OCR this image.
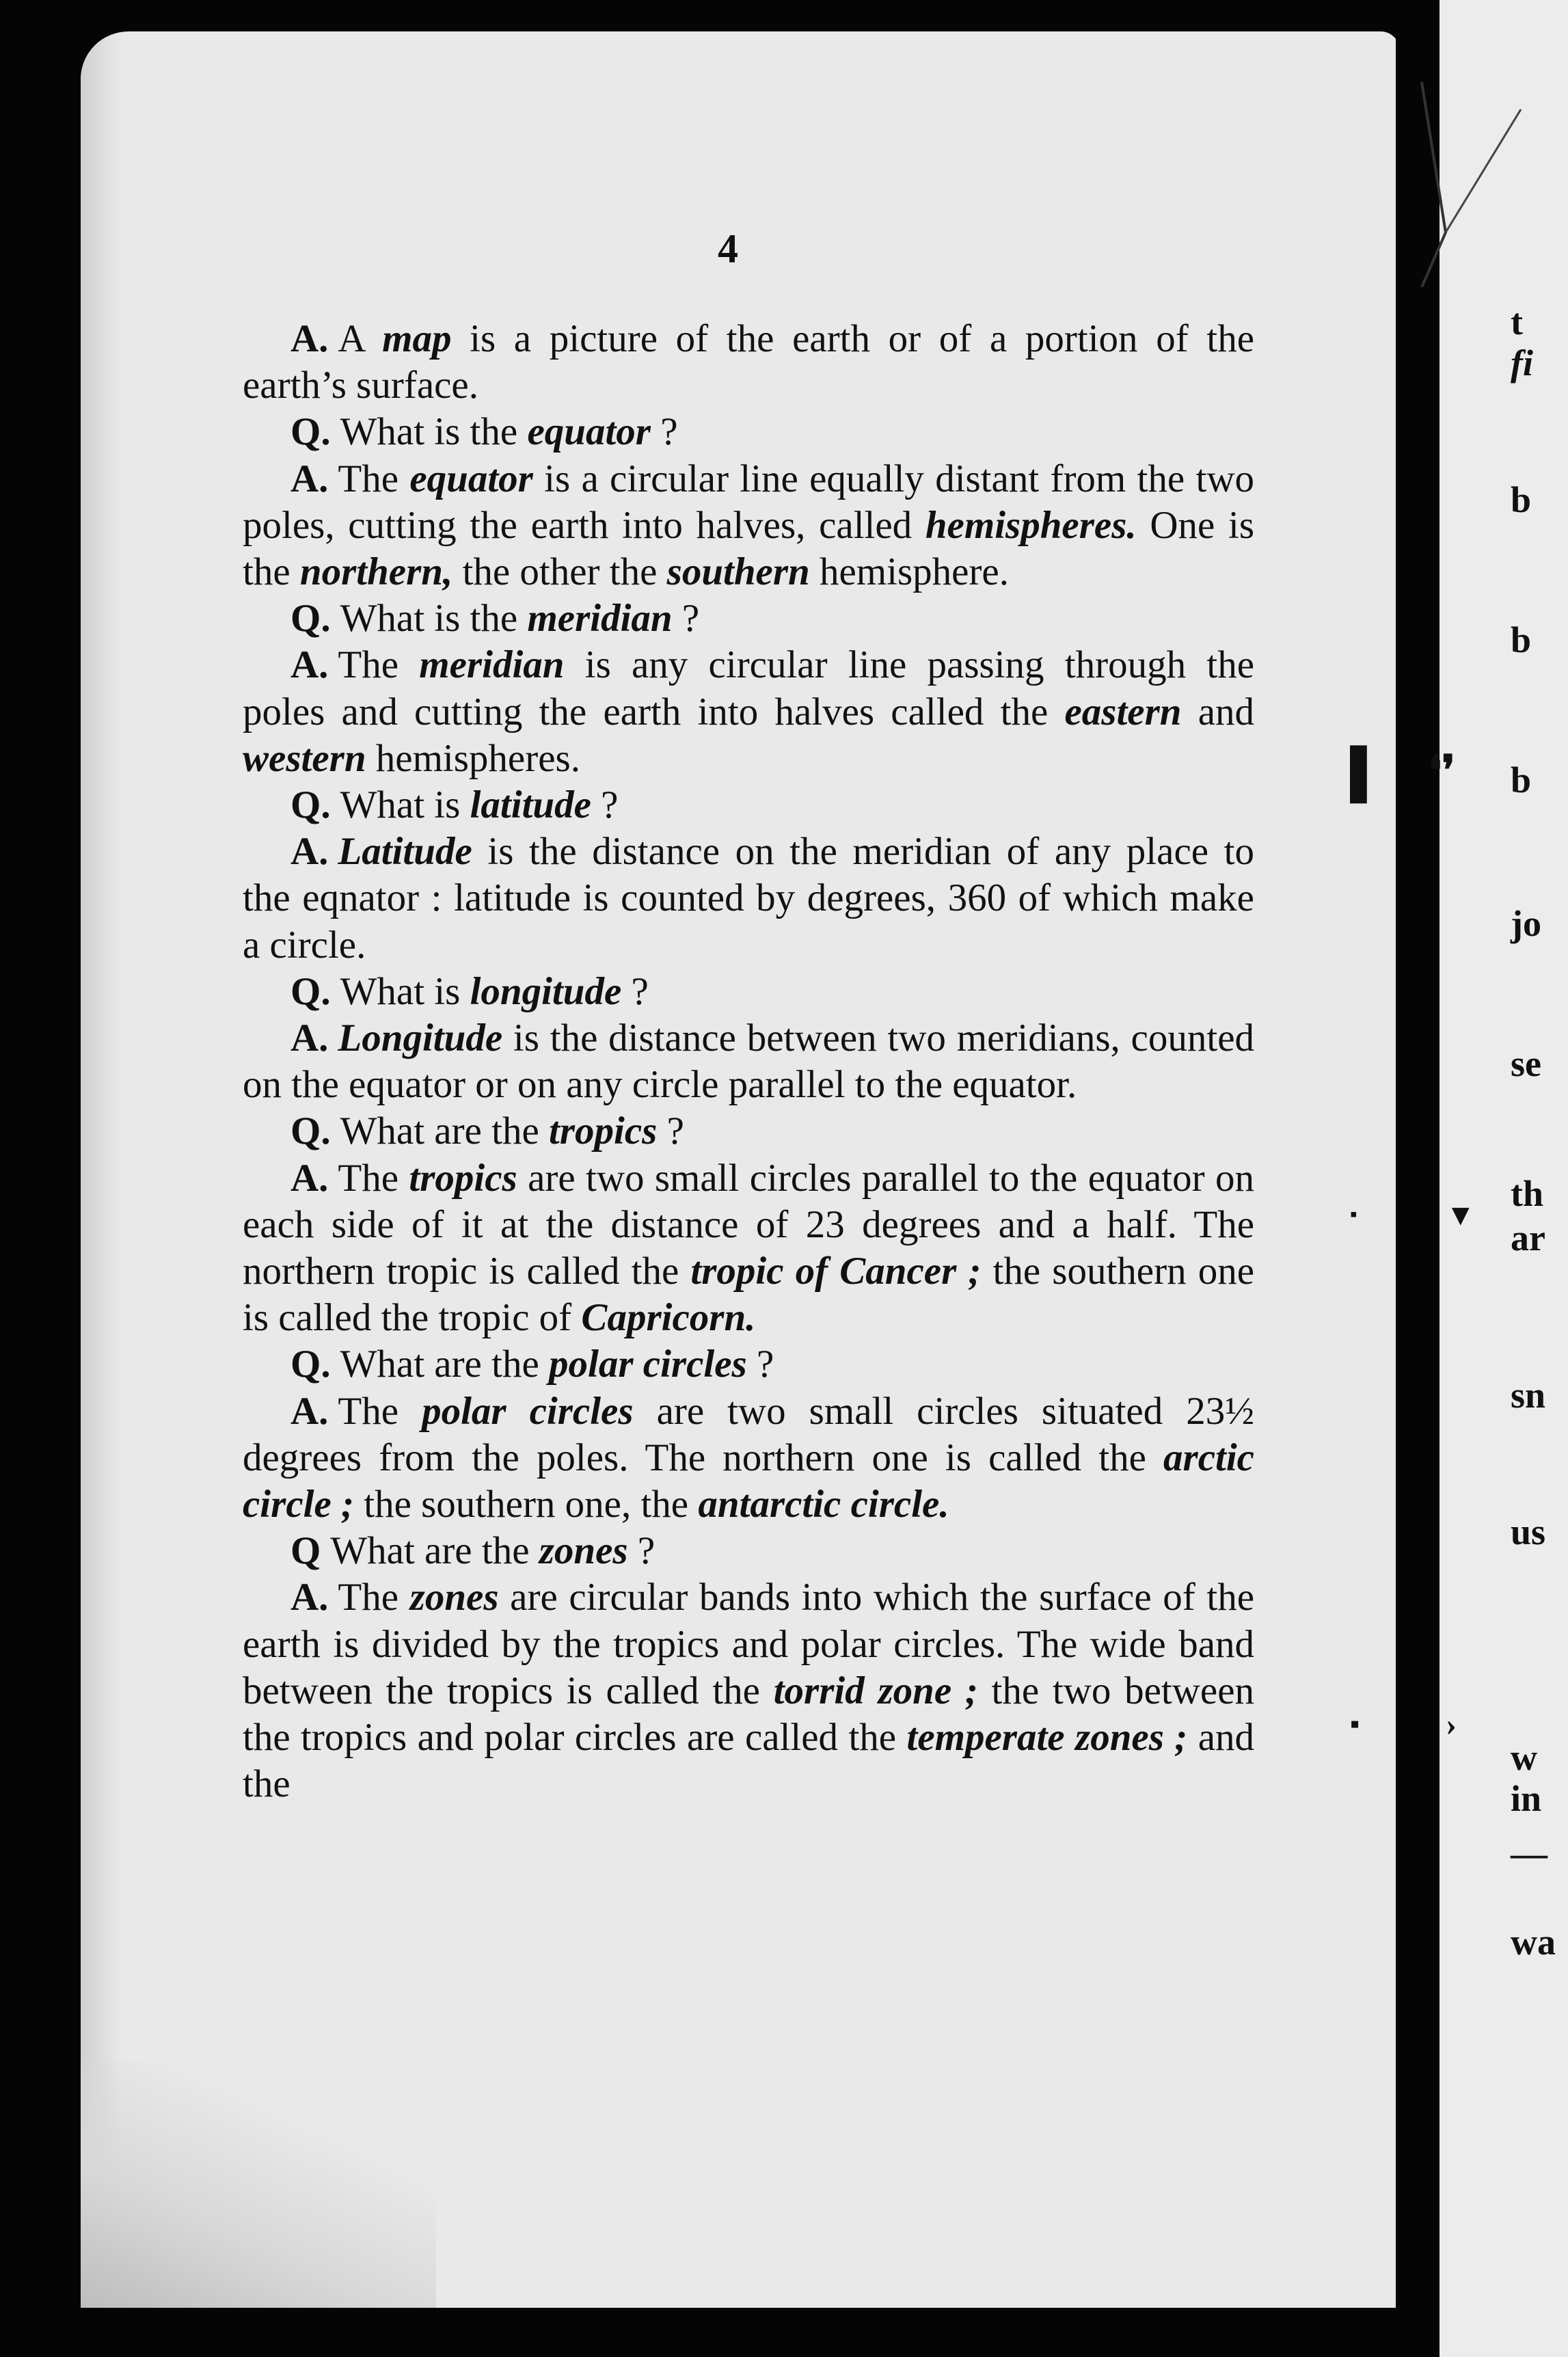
4

A. A map is a picture of the earth or of a portion of the earth’s surface.

Q. What is the equator ?

A. The equator is a circular line equally distant from the two poles, cutting the earth into halves, called hemispheres. One is the northern, the other the southern hemisphere.

Q. What is the meridian ?

A. The meridian is any circular line passing through the poles and cutting the earth into halves called the eastern and western hemispheres.

Q. What is latitude ?

A. Latitude is the distance on the meridian of any place to the eqnator : latitude is counted by degrees, 360 of which make a circle.

Q. What is longitude ?

A. Longitude is the distance between two meridians, counted on the equator or on any circle parallel to the equator.

Q. What are the tropics ?

A. The tropics are two small circles parallel to the equator on each side of it at the distance of 23 degrees and a half. The northern tropic is called the tropic of Cancer ; the southern one is called the tropic of Capricorn.

Q. What are the polar circles ?

A. The polar circles are two small circles situated 23½ degrees from the poles. The northern one is called the arctic circle ; the southern one, the antarctic circle.

Q What are the zones ?

A. The zones are circular bands into which the surface of the earth is divided by the tropics and polar circles. The wide band between the tropics is called the torrid zone ; the two between the tropics and polar circles are called the temperate zones ; and the

t
fi
b
b
b
jo
se
th
ar
sn
us
w
in
—
wa
▌ ❛❜
▼
▪
›
▪
